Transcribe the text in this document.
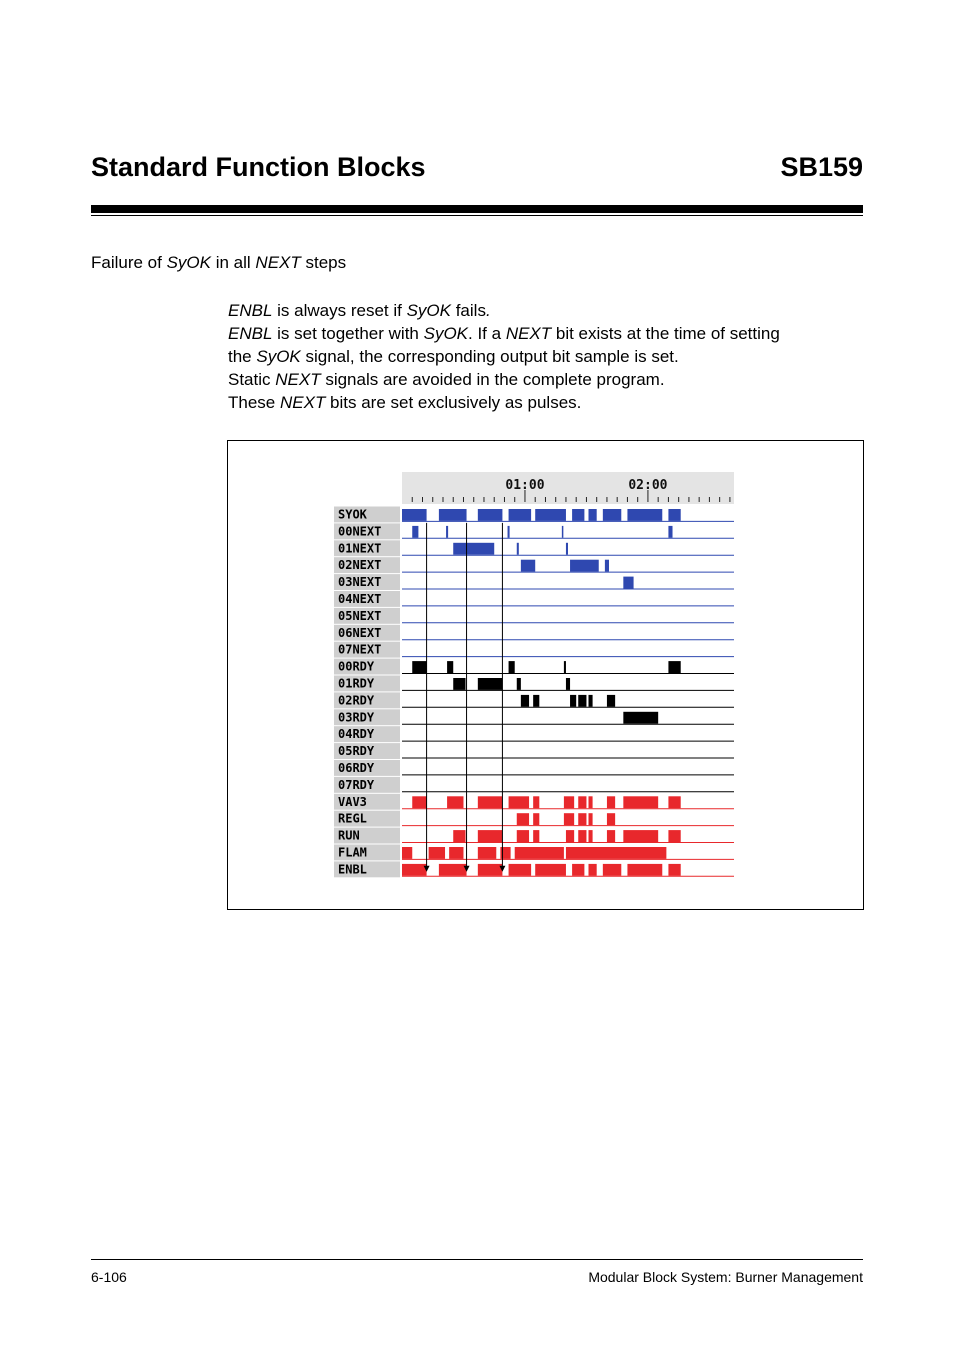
Standard Function Blocks	SB159
Failure of SyOK in all NEXT steps

ENBL is always reset if SyOK fails.

ENBL is set together with SyOK. If a NEXT bit exists at the time of setting

the SyOK signal, the corresponding output bit sample is set.

Static NEXT signals are avoided in the complete program.

These NEXT bits are set exclusively as pulses.

01:00	02:00
SYOK
00NEXT
01NEXT
02NEXT
03NEXT
04NEXT
05NEXT
06NEXT
07NEXT
00RDY
01RDY
02RDY
03RDY
04RDY
05RDY
06RDY
07RDY
VAV3
REGL
RUN
FLAM
ENBL
6-106	Modular Block System: Burner Management
